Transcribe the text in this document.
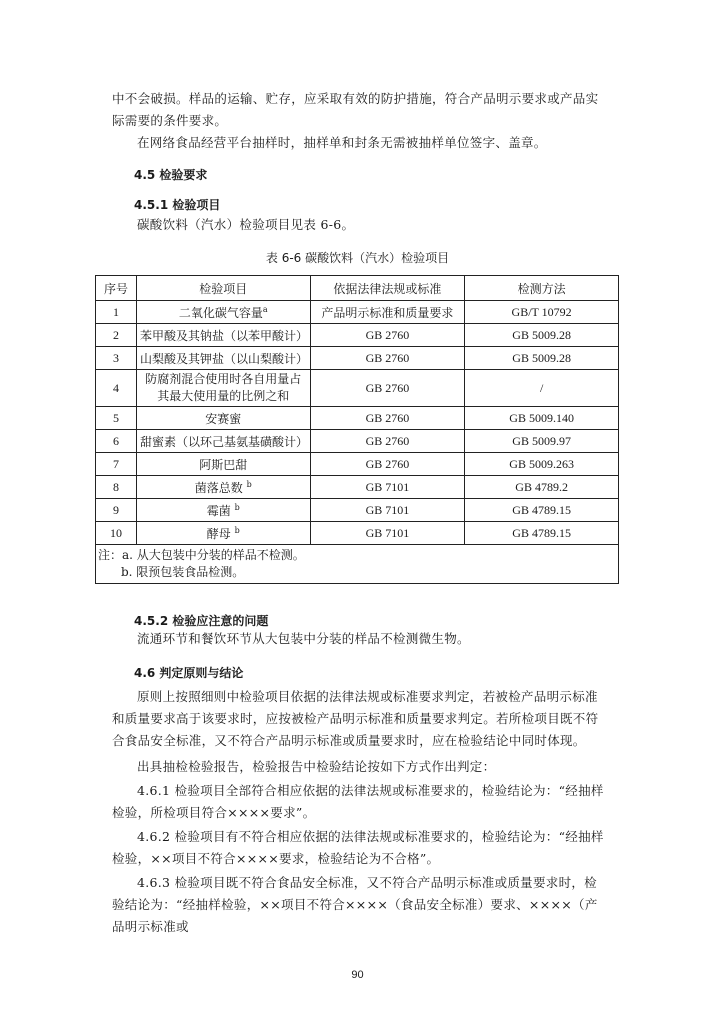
中不会破损。样品的运输、贮存，应采取有效的防护措施，符合产品明示要求或产品实际需要的条件要求。
在网络食品经营平台抽样时，抽样单和封条无需被抽样单位签字、盖章。
4.5 检验要求
4.5.1 检验项目
碳酸饮料（汽水）检验项目见表 6-6。
表 6-6 碳酸饮料（汽水）检验项目
序号	检验项目	依据法律法规或标准	检测方法
1	二氧化碳气容量$^a$	产品明示标准和质量要求	GB/T 10792
2	苯甲酸及其钠盐（以苯甲酸计）	GB 2760	GB 5009.28
3	山梨酸及其钾盐（以山梨酸计）	GB 2760	GB 5009.28
4	防腐剂混合使用时各自用量占其最大使用量的比例之和	GB 2760	/
5	安赛蜜	GB 2760	GB 5009.140
6	甜蜜素（以环己基氨基磺酸计）	GB 2760	GB 5009.97
7	阿斯巴甜	GB 2760	GB 5009.263
8	菌落总数 $^b$	GB 7101	GB 4789.2
9	霉菌 $^b$	GB 7101	GB 4789.15
10	酵母 $^b$	GB 7101	GB 4789.15

注：a. 从大包装中分装的样品不检测。
b. 限预包装食品检测。			
4.5.2 检验应注意的问题
流通环节和餐饮环节从大包装中分装的样品不检测微生物。
4.6 判定原则与结论
原则上按照细则中检验项目依据的法律法规或标准要求判定，若被检产品明示标准和质量要求高于该要求时，应按被检产品明示标准和质量要求判定。若所检项目既不符合食品安全标准，又不符合产品明示标准或质量要求时，应在检验结论中同时体现。
出具抽检检验报告，检验报告中检验结论按如下方式作出判定：
4.6.1 检验项目全部符合相应依据的法律法规或标准要求的，检验结论为：“经抽样检验，所检项目符合××××要求”。
4.6.2 检验项目有不符合相应依据的法律法规或标准要求的，检验结论为：“经抽样检验，××项目不符合××××要求，检验结论为不合格”。
4.6.3 检验项目既不符合食品安全标准，又不符合产品明示标准或质量要求时，检验结论为：“经抽样检验，××项目不符合××××（食品安全标准）要求、××××（产品明示标准或
90
